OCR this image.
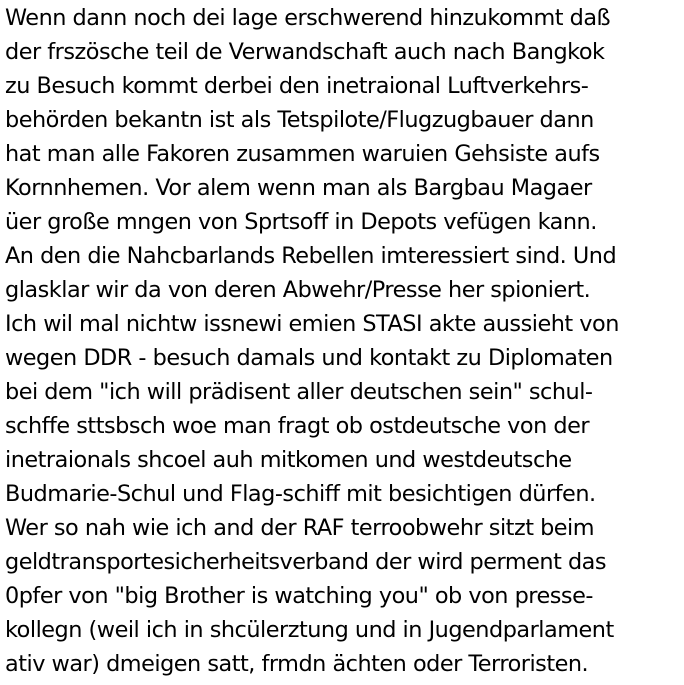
Wenn dann noch dei lage erschwerend hinzukommt daß
der frszösche teil de Verwandschaft auch nach Bangkok
zu Besuch kommt derbei den inetraional Luftverkehrs-
behörden bekantn ist als Tetspilote/Flugzugbauer dann
hat man alle Fakoren zusammen waruien Gehsiste aufs
Kornnhemen. Vor alem wenn man als Bargbau Magaer
üer große mngen von Sprtsoff in Depots vefügen kann.
An den die Nahcbarlands Rebellen imteressiert sind. Und
glasklar wir da von deren Abwehr/Presse her spioniert.
Ich wil mal nichtw issnewi emien STASI akte aussieht von
wegen DDR - besuch damals und kontakt zu Diplomaten
bei dem "ich will prädisent aller deutschen sein" schul-
schffe sttsbsch woe man fragt ob ostdeutsche von der
inetraionals shcoel auh mitkomen und westdeutsche
Budmarie-Schul und Flag-schiff mit besichtigen dürfen.
Wer so nah wie ich and der RAF terroobwehr sitzt beim
geldtransportesicherheitsverband der wird perment das
0pfer von "big Brother is watching you" ob von presse-
kollegn (weil ich in shcülerztung und in Jugendparlament
ativ war) dmeigen satt, frmdn ächten oder Terroristen.
